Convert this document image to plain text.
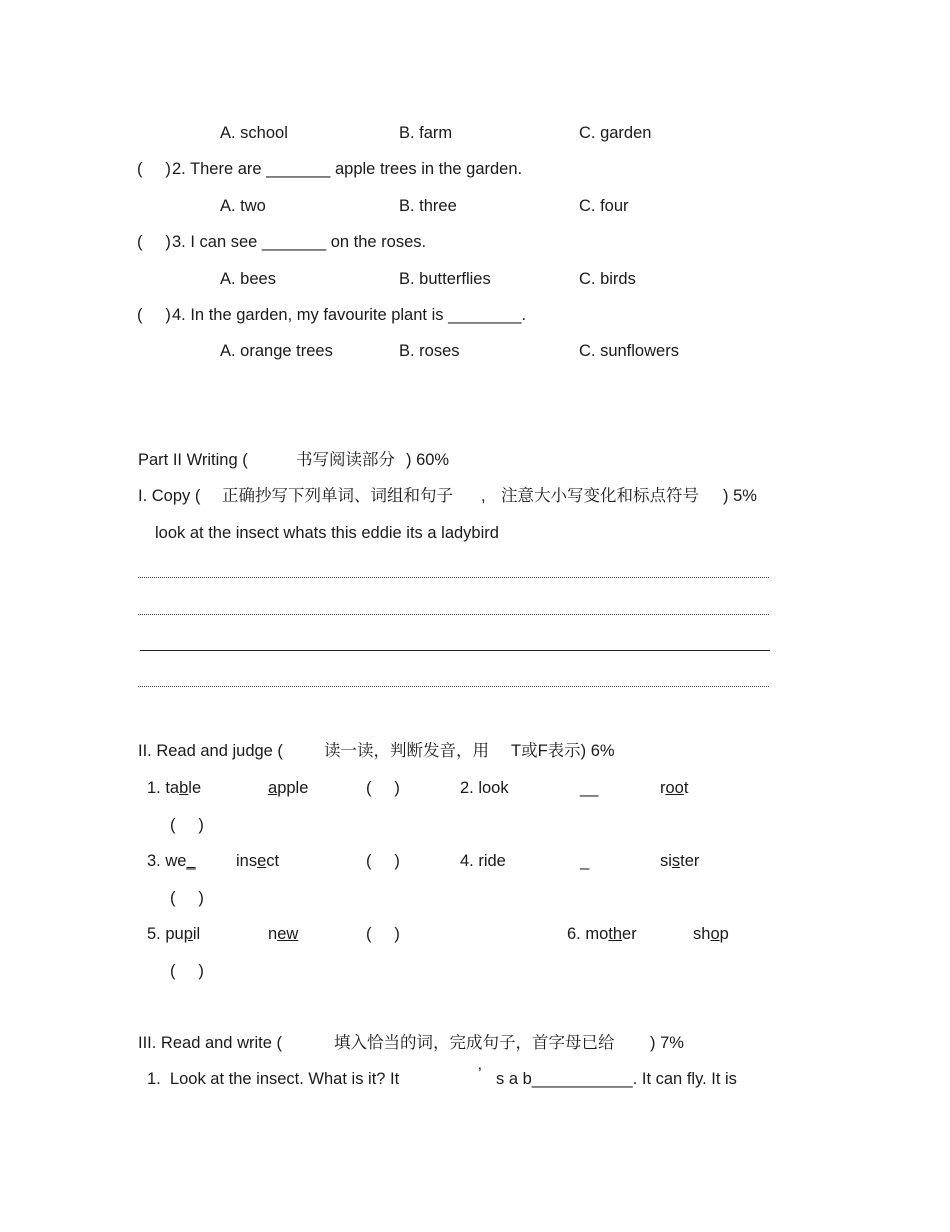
A. school	B. farm	C. garden
(     ) 2. There are _______ apple trees in the garden.
A. two	B. three	C. four
(     ) 3. I can see _______ on the roses.
A. bees	B. butterflies	C. birds
(     ) 4. In the garden, my favourite plant is ________.
A. orange trees	B. roses	C. sunflowers
Part II Writing (	书写阅读部分 ) 60%
I. Copy ( 正确抄写下列单词、词组和句子 , 注意大小写变化和标点符号 ) 5%
look at the insect whats this eddie its a ladybird
II. Read and judge ( 读一读，判断发音，用 T或F表示) 6%
1. table	apple	(     )	2. look	__	root
(     )
3. we_ insect	(     )	4. ride	_	sister
(     )
5. pupil	new	(     )	6. mother	shop
(     )
III. Read and write (	填入恰当的词，完成句子，首字母已给 ) 7%
1.  Look at the insect. What is it? It	’ s a b___________. It can fly. It is
